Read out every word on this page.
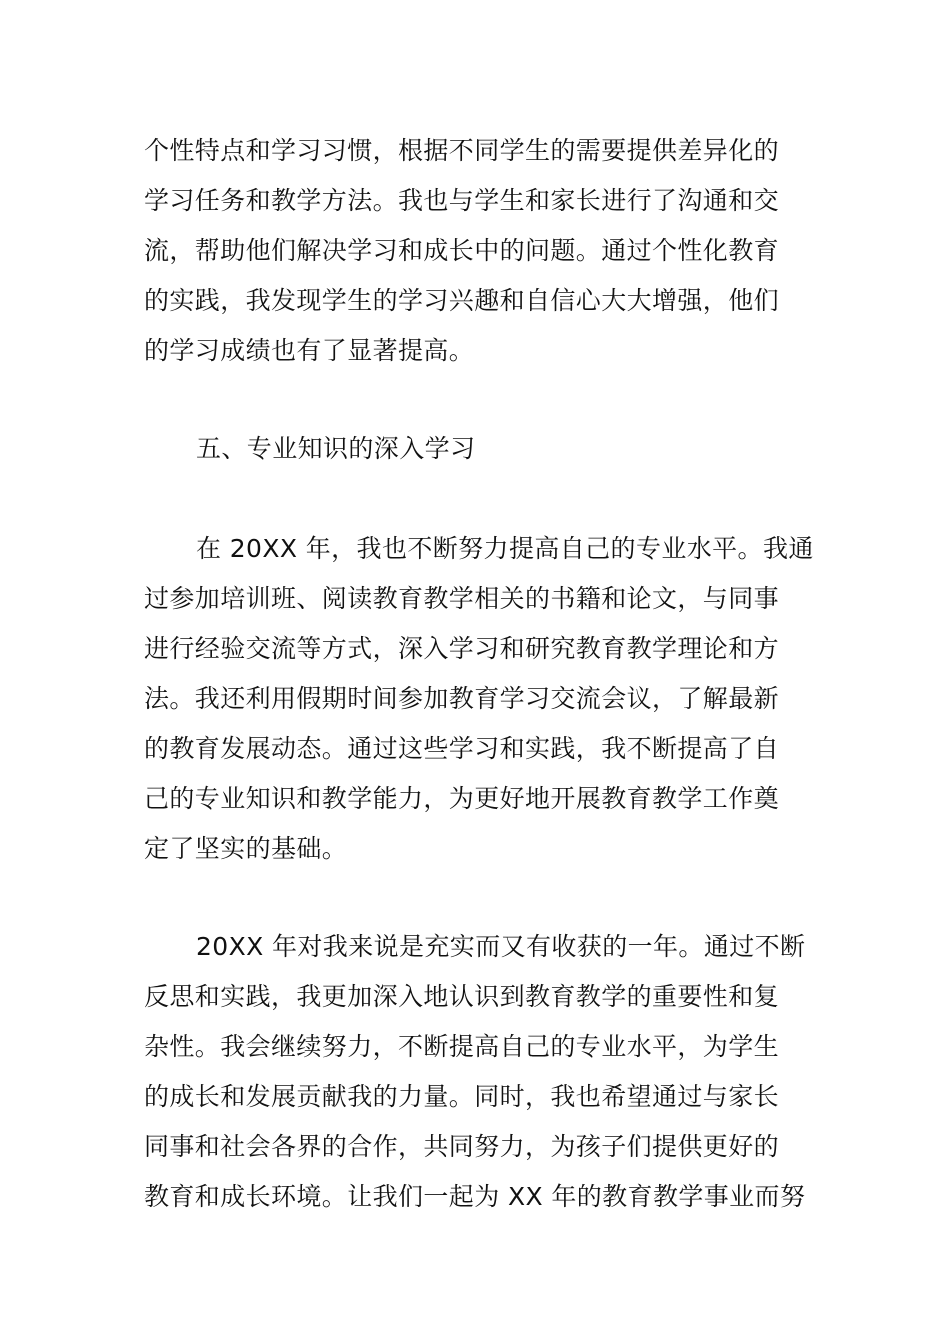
个性特点和学习习惯，根据不同学生的需要提供差异化的
学习任务和教学方法。我也与学生和家长进行了沟通和交
流，帮助他们解决学习和成长中的问题。通过个性化教育
的实践，我发现学生的学习兴趣和自信心大大增强，他们
的学习成绩也有了显著提高。
五、专业知识的深入学习
在 20XX 年，我也不断努力提高自己的专业水平。我通
过参加培训班、阅读教育教学相关的书籍和论文，与同事
进行经验交流等方式，深入学习和研究教育教学理论和方
法。我还利用假期时间参加教育学习交流会议，了解最新
的教育发展动态。通过这些学习和实践，我不断提高了自
己的专业知识和教学能力，为更好地开展教育教学工作奠
定了坚实的基础。
20XX 年对我来说是充实而又有收获的一年。通过不断
反思和实践，我更加深入地认识到教育教学的重要性和复
杂性。我会继续努力，不断提高自己的专业水平，为学生
的成长和发展贡献我的力量。同时，我也希望通过与家长
同事和社会各界的合作，共同努力，为孩子们提供更好的
教育和成长环境。让我们一起为 XX 年的教育教学事业而努
